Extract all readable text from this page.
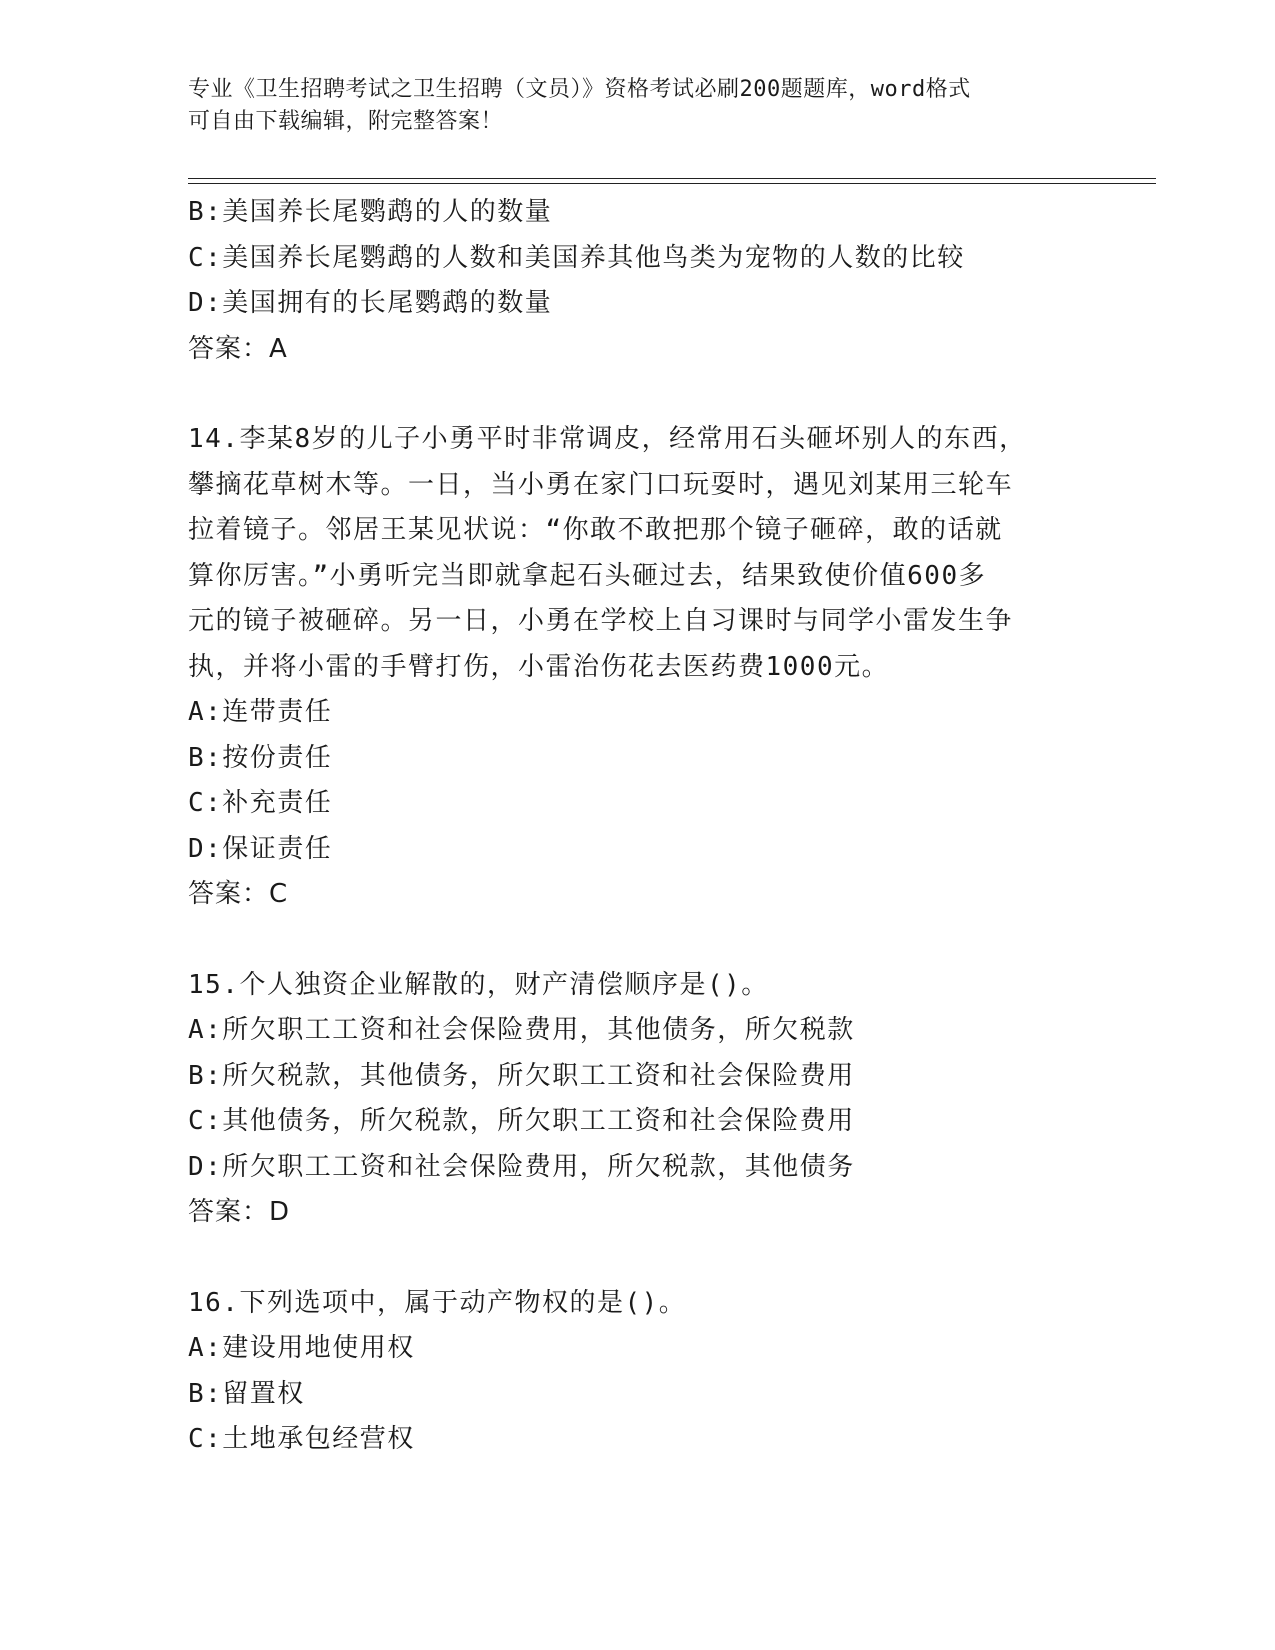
专业《卫生招聘考试之卫生招聘（文员）》资格考试必刷200题题库，word格式
可自由下载编辑，附完整答案！
B:美国养长尾鹦鹉的人的数量
C:美国养长尾鹦鹉的人数和美国养其他鸟类为宠物的人数的比较
D:美国拥有的长尾鹦鹉的数量
答案：A
14.李某8岁的儿子小勇平时非常调皮，经常用石头砸坏别人的东西，
攀摘花草树木等。一日，当小勇在家门口玩耍时，遇见刘某用三轮车
拉着镜子。邻居王某见状说：“你敢不敢把那个镜子砸碎，敢的话就
算你厉害。”小勇听完当即就拿起石头砸过去，结果致使价值600多
元的镜子被砸碎。另一日，小勇在学校上自习课时与同学小雷发生争
执，并将小雷的手臂打伤，小雷治伤花去医药费1000元。
A:连带责任
B:按份责任
C:补充责任
D:保证责任
答案：C
15.个人独资企业解散的，财产清偿顺序是()。
A:所欠职工工资和社会保险费用，其他债务，所欠税款
B:所欠税款，其他债务，所欠职工工资和社会保险费用
C:其他债务，所欠税款，所欠职工工资和社会保险费用
D:所欠职工工资和社会保险费用，所欠税款，其他债务
答案：D
16.下列选项中，属于动产物权的是()。
A:建设用地使用权
B:留置权
C:土地承包经营权
